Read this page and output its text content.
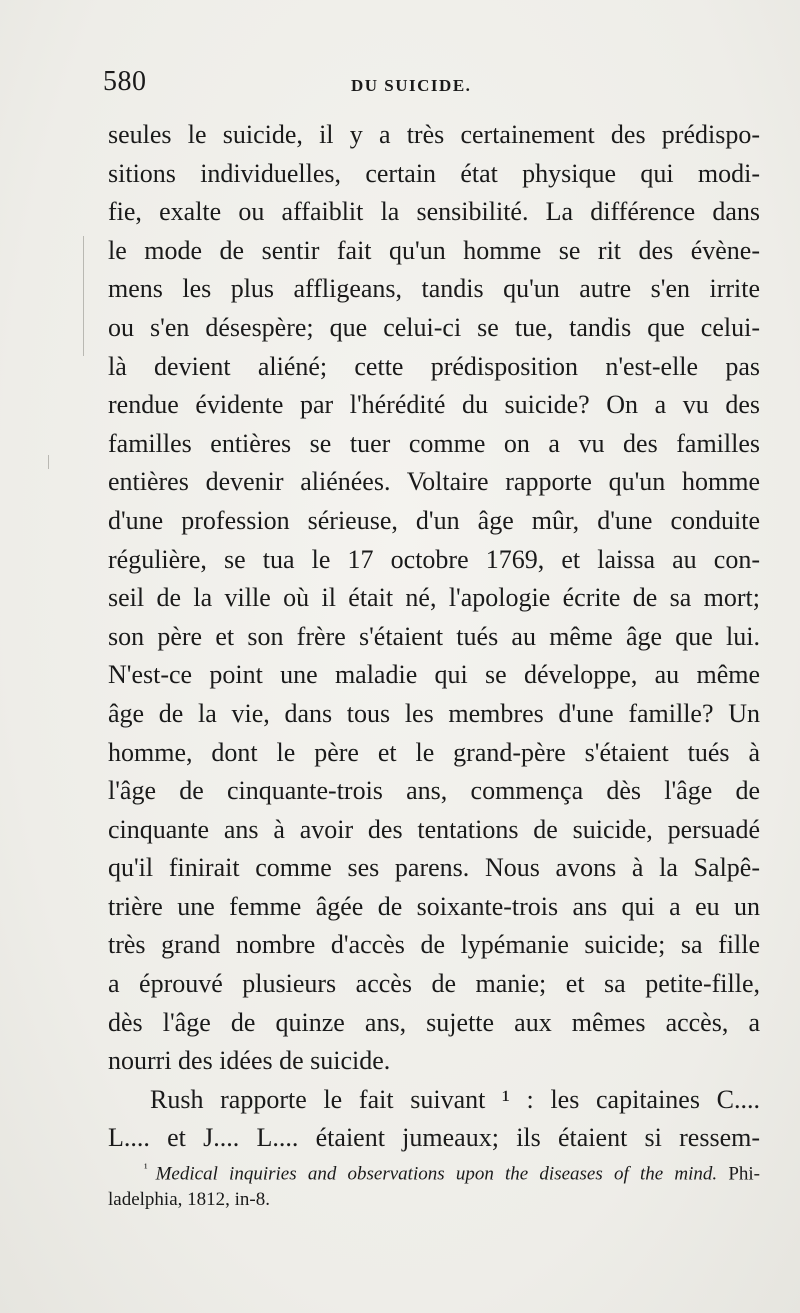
580	DU SUICIDE.
seules le suicide, il y a très certainement des prédispo-
sitions individuelles, certain état physique qui modi-
fie, exalte ou affaiblit la sensibilité. La différence dans
le mode de sentir fait qu'un homme se rit des évène-
mens les plus affligeans, tandis qu'un autre s'en irrite
ou s'en désespère; que celui-ci se tue, tandis que celui-
là devient aliéné; cette prédisposition n'est-elle pas
rendue évidente par l'hérédité du suicide? On a vu des
familles entières se tuer comme on a vu des familles
entières devenir aliénées. Voltaire rapporte qu'un homme
d'une profession sérieuse, d'un âge mûr, d'une conduite
régulière, se tua le 17 octobre 1769, et laissa au con-
seil de la ville où il était né, l'apologie écrite de sa mort;
son père et son frère s'étaient tués au même âge que lui.
N'est-ce point une maladie qui se développe, au même
âge de la vie, dans tous les membres d'une famille? Un
homme, dont le père et le grand-père s'étaient tués à
l'âge de cinquante-trois ans, commença dès l'âge de
cinquante ans à avoir des tentations de suicide, persuadé
qu'il finirait comme ses parens. Nous avons à la Salpê-
trière une femme âgée de soixante-trois ans qui a eu un
très grand nombre d'accès de lypémanie suicide; sa fille
a éprouvé plusieurs accès de manie; et sa petite-fille,
dès l'âge de quinze ans, sujette aux mêmes accès, a
nourri des idées de suicide.
Rush rapporte le fait suivant ¹ : les capitaines C....
L.... et J.... L.... étaient jumeaux; ils étaient si ressem-
$^{^1}$ Medical inquiries and observations upon the diseases of the mind. Phi-
ladelphia, 1812, in-8.
